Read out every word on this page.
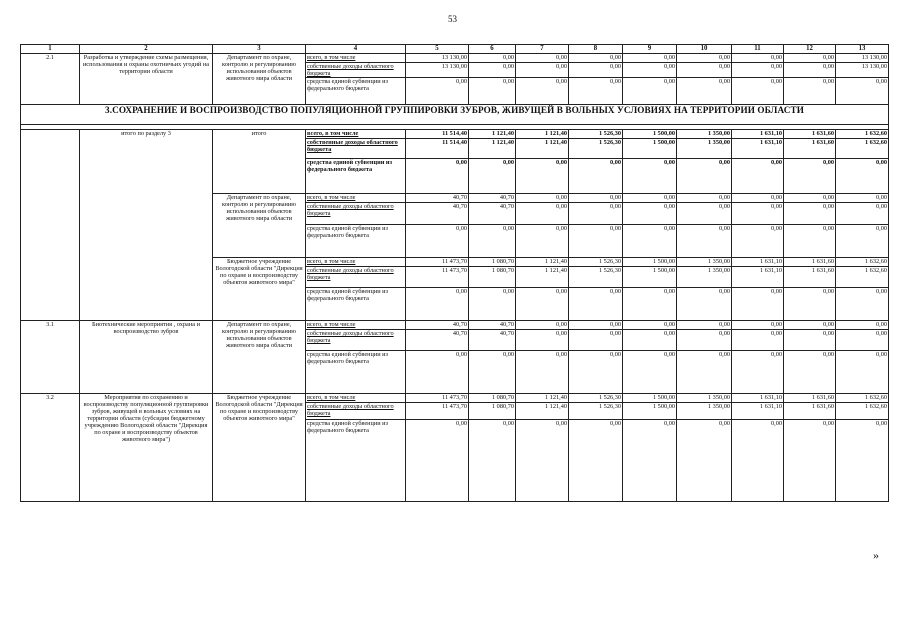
53
1	2	3	4	5	6	7	8	9	10	11	12	13
2.1	Разработка и утверждение схемы размещения, использования и охраны охотничьих угодий на территории области	Департамент по охране, контролю и регулированию использования объектов животного мира области	всего, в том числе	13 130,00	0,00	0,00	0,00	0,00	0,00	0,00	0,00	13 130,00
			собственные доходы областного бюджета	13 130,00	0,00	0,00	0,00	0,00	0,00	0,00	0,00	13 130,00
			средства единой субвенции из федерального бюджета	0,00	0,00	0,00	0,00	0,00	0,00	0,00	0,00	0,00
3.СОХРАНЕНИЕ И ВОСПРОИЗВОДСТВО ПОПУЛЯЦИОННОЙ ГРУППИРОВКИ ЗУБРОВ, ЖИВУЩЕЙ В ВОЛЬНЫХ УСЛОВИЯХ НА ТЕРРИТОРИИ ОБЛАСТИ												

	итого по разделу 3	итого	всего, в том числе	11 514,40	1 121,40	1 121,40	1 526,30	1 500,00	1 350,00	1 631,10	1 631,60	1 632,60
			собственные доходы областного бюджета	11 514,40	1 121,40	1 121,40	1 526,30	1 500,00	1 350,00	1 631,10	1 631,60	1 632,60
			средства единой субвенции из федерального бюджета	0,00	0,00	0,00	0,00	0,00	0,00	0,00	0,00	0,00
		Департамент по охране, контролю и регулированию использования объектов животного мира области	всего, в том числе	40,70	40,70	0,00	0,00	0,00	0,00	0,00	0,00	0,00
			собственные доходы областного бюджета	40,70	40,70	0,00	0,00	0,00	0,00	0,00	0,00	0,00
			средства единой субвенции из федерального бюджета	0,00	0,00	0,00	0,00	0,00	0,00	0,00	0,00	0,00
		Бюджетное учреждение Вологодской области "Дирекция по охране и воспроизводству объектов животного мира"	всего, в том числе	11 473,70	1 080,70	1 121,40	1 526,30	1 500,00	1 350,00	1 631,10	1 631,60	1 632,60
			собственные доходы областного бюджета	11 473,70	1 080,70	1 121,40	1 526,30	1 500,00	1 350,00	1 631,10	1 631,60	1 632,60
			средства единой субвенции из федерального бюджета	0,00	0,00	0,00	0,00	0,00	0,00	0,00	0,00	0,00
3.1	Биотехнические мероприятия , охрана и воспроизводство зубров	Департамент по охране, контролю и регулированию использования объектов животного мира области	всего, в том числе	40,70	40,70	0,00	0,00	0,00	0,00	0,00	0,00	0,00
			собственные доходы областного бюджета	40,70	40,70	0,00	0,00	0,00	0,00	0,00	0,00	0,00
			средства единой субвенции из федерального бюджета	0,00	0,00	0,00	0,00	0,00	0,00	0,00	0,00	0,00
3.2	Мероприятия по сохранению и воспроизводству популяционной группировки зубров, живущей в вольных условиях на территории области (субсидия бюджетному учреждению Вологодской области "Дирекция по охране и воспроизводству объектов животного мира")	Бюджетное учреждение Вологодской области "Дирекция по охране и воспроизводству объектов животного мира"	всего, в том числе	11 473,70	1 080,70	1 121,40	1 526,30	1 500,00	1 350,00	1 631,10	1 631,60	1 632,60
			собственные доходы областного бюджета	11 473,70	1 080,70	1 121,40	1 526,30	1 500,00	1 350,00	1 631,10	1 631,60	1 632,60
			средства единой субвенции из федерального бюджета	0,00	0,00	0,00	0,00	0,00	0,00	0,00	0,00	0,00
»
